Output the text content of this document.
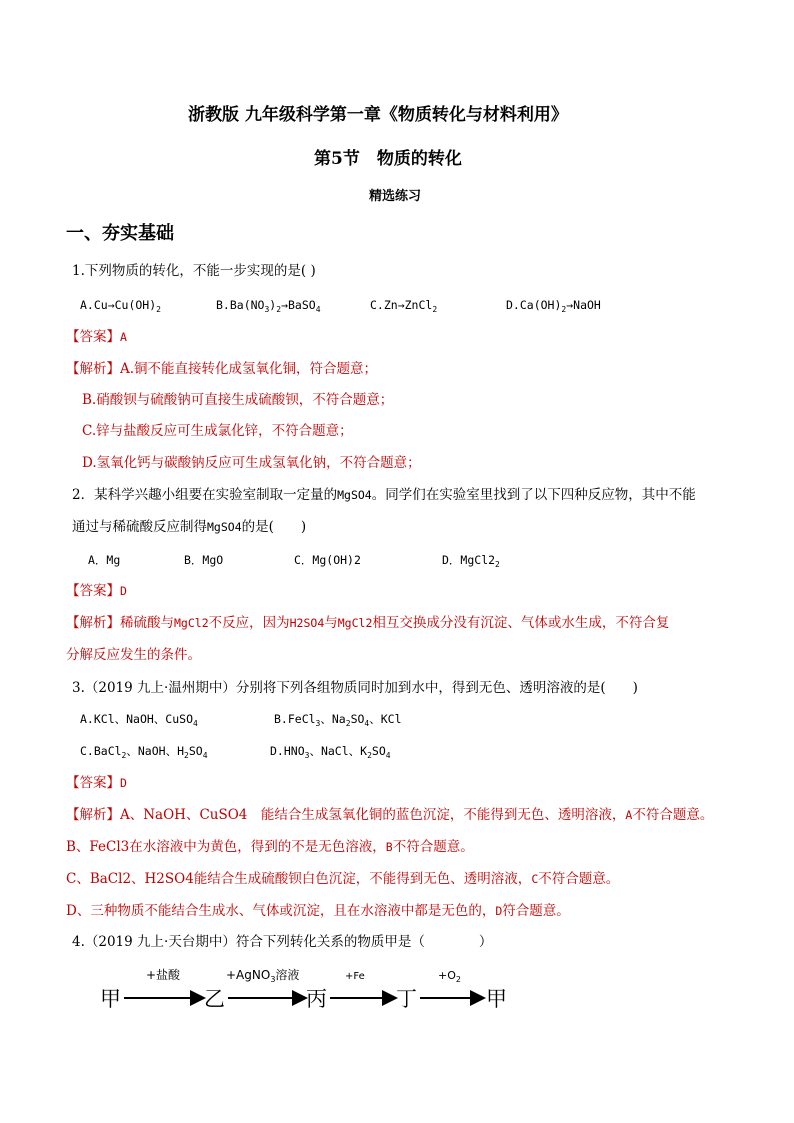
浙教版 九年级科学第一章《物质转化与材料利用》
第5节　物质的转化
精选练习
一、夯实基础
1.下列物质的转化，不能一步实现的是( )
$A.Cu\to Cu(OH)_2$	$B.Ba(NO_3)_2\to BaSO_4$	C.Zn→ZnCl$_2$	$D.Ca(OH)_2\to NaOH$
【答案】A
【解析】A.铜不能直接转化成氢氧化铜，符合题意；
B.硝酸钡与硫酸钠可直接生成硫酸钡，不符合题意；
C.锌与盐酸反应可生成氯化锌，不符合题意；
D.氢氧化钙与碳酸钠反应可生成氢氧化钠，不符合题意；
2．某科学兴趣小组要在实验室制取一定量的MgSO4。同学们在实验室里找到了以下四种反应物，其中不能
通过与稀硫酸反应制得MgSO4的是(　　)
A．Mg	B．MgO	C．Mg(OH)2	D．$MgCl2_2$
【答案】D
【解析】稀硫酸与MgCl2不反应，因为H2SO4与MgCl2相互交换成分没有沉淀、气体或水生成，不符合复
分解反应发生的条件。
3.（2019 九上·温州期中）分别将下列各组物质同时加到水中，得到无色、透明溶液的是(　　)
A.KCl、NaOH、CuSO$_4$	B.FeCl$_3$、$Na_2SO_4$、KCl
C.BaCl$_2$、NaOH、$H_2SO_4$	$D.HNO_3$、NaCl、$K_2SO_4$
【答案】D
【解析】A、NaOH、CuSO4　能结合生成氢氧化铜的蓝色沉淀，不能得到无色、透明溶液，A不符合题意。
B、FeCl3在水溶液中为黄色，得到的不是无色溶液，B不符合题意。
C、BaCl2、H2SO4能结合生成硫酸钡白色沉淀，不能得到无色、透明溶液，C不符合题意。
D、三种物质不能结合生成水、气体或沉淀，且在水溶液中都是无色的，D符合题意。
4.（2019 九上·天台期中）符合下列转化关系的物质甲是（　　　　）
甲	乙	丙	丁	甲
+盐酸	+AgNO$_3$溶液	+Fe	$+O_2$
